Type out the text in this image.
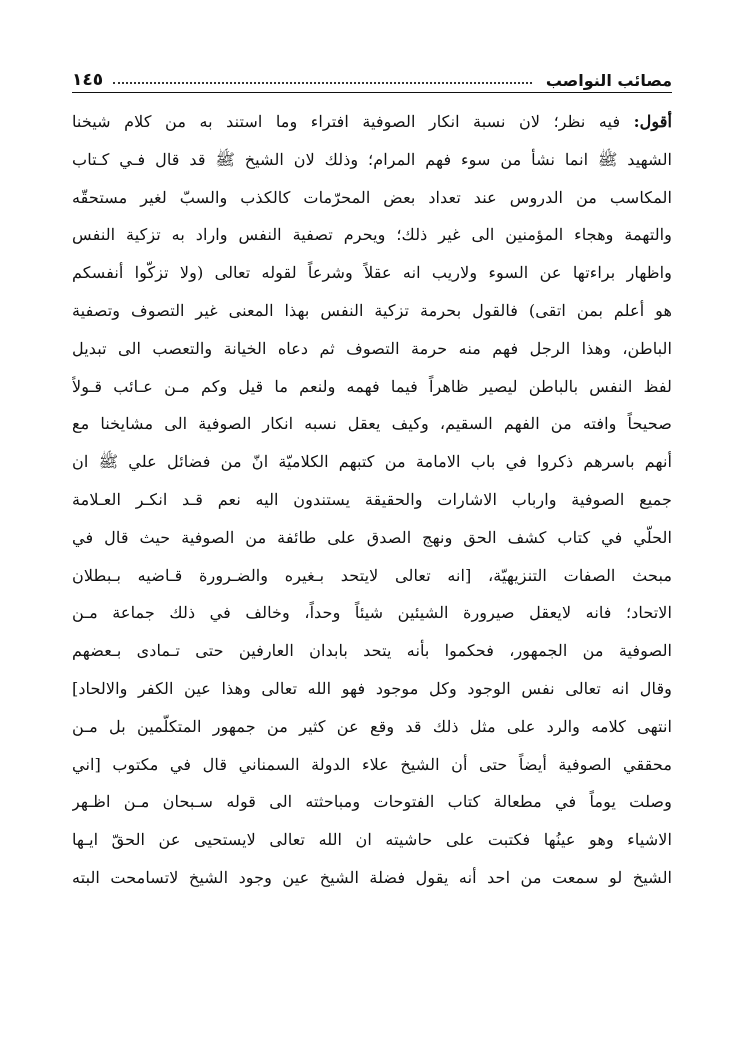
مصائب النواصب
١٤٥
أقول: فيه نظر؛ لان نسبة انكار الصوفية افتراء وما استند به من كلام شيخنا
الشهيد ﷺ انما نشأ من سوء فهم المرام؛ وذلك لان الشيخ ﷺ قد قال فـي كـتاب
المكاسب من الدروس عند تعداد بعض المحرّمات كالكذب والسبّ لغير مستحقّه
والتهمة وهجاء المؤمنين الى غير ذلك؛ ويحرم تصفية النفس واراد به تزكية النفس
واظهار براءتها عن السوء ولاريب انه عقلاً وشرعاً لقوله تعالى (ولا تزكّوا أنفسكم
هو أعلم بمن اتقى) فالقول بحرمة تزكية النفس بهذا المعنى غير التصوف وتصفية
الباطن، وهذا الرجل فهم منه حرمة التصوف ثم دعاه الخيانة والتعصب الى تبديل
لفظ النفس بالباطن ليصير ظاهراً فيما فهمه ولنعم ما قيل وكم مـن عـائب قـولاً
صحيحاً وافته من الفهم السقيم، وكيف يعقل نسبه انكار الصوفية الى مشايخنا مع
أنهم باسرهم ذكروا في باب الامامة من كتبهم الكلاميّة انّ من فضائل علي ﷺ ان
جميع الصوفية وارباب الاشارات والحقيقة يستندون اليه نعم قـد انكـر العـلامة
الحلّي في كتاب كشف الحق ونهج الصدق على طائفة من الصوفية حيث قال في
مبحث الصفات التنزيهيّة، [انه تعالى لايتحد بـغيره والضـرورة قـاضيه بـبطلان
الاتحاد؛ فانه لايعقل صيرورة الشيئين شيئاً وحداً، وخالف في ذلك جماعة مـن
الصوفية من الجمهور، فحكموا بأنه يتحد بابدان العارفين حتى تـمادى بـعضهم
وقال انه تعالى نفس الوجود وكل موجود فهو الله تعالى وهذا عين الكفر والالحاد]
انتهى كلامه والرد على مثل ذلك قد وقع عن كثير من جمهور المتكلّمين بل مـن
محققي الصوفية أيضاً حتى أن الشيخ علاء الدولة السمناني قال في مكتوب [اني
وصلت يوماً في مطعالة كتاب الفتوحات ومباحثته الى قوله سـبحان مـن اظـهر
الاشياء وهو عينُها فكتبت على حاشيته ان الله تعالى لايستحيى عن الحقّ ايـها
الشيخ لو سمعت من احد أنه يقول فضلة الشيخ عين وجود الشيخ لاتسامحت البته
